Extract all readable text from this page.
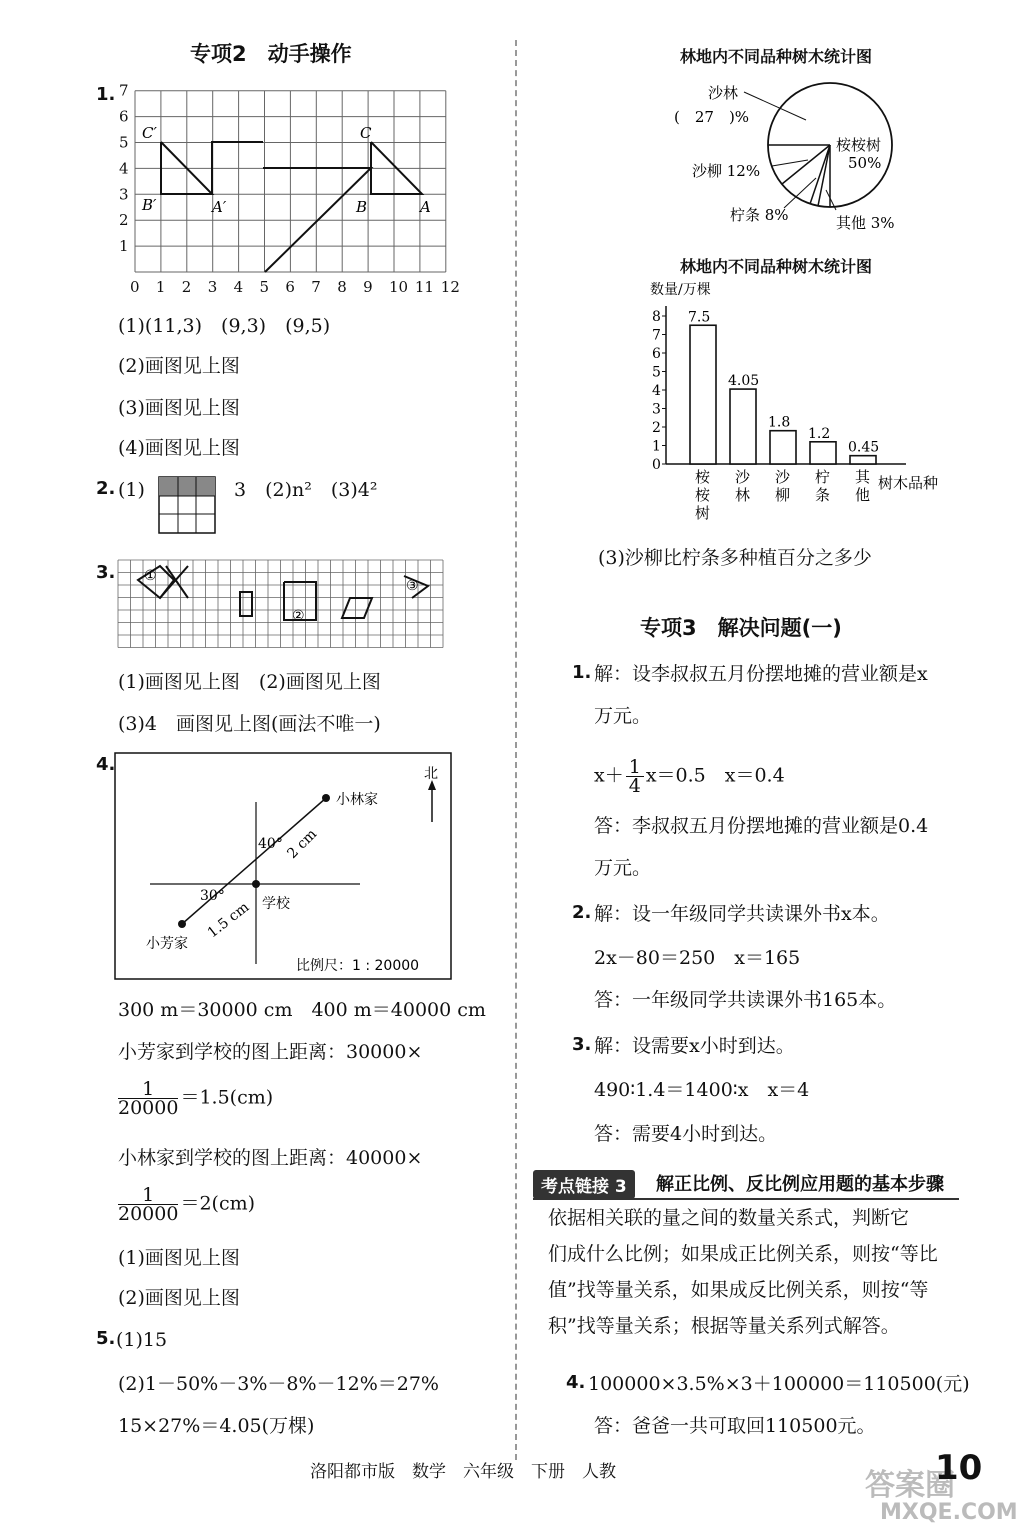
专项2　动手操作
1.
0 1 2 3 4 5 6 7 8 9 10 11 12
1
2
3
4
5
6
7
C′
B′	A′
C
B	A
(1)(11,3)　(9,3)　(9,5)
(2)画图见上图
(3)画图见上图
(4)画图见上图
2. (1)	3　(2)n²　(3)4²
3. ①
②
③
(1)画图见上图　(2)画图见上图
(3)4　画图见上图(画法不唯一)
4.	北
小林家
小芳家
学校
40°
30°
2 cm
1.5 cm
比例尺：1 : 20000
300 m＝30000 cm　400 m＝40000 cm
小芳家到学校的图上距离：30000×
$\frac{1}{20000} =1.5(cm)$
小林家到学校的图上距离：40000×
$\frac{1}{20000} =2(cm)$
(1)画图见上图
(2)画图见上图
5. (1)15
(2)1－50%－3%－8%－12%＝27%
15×27%＝4.05(万棵)
林地内不同品种树木统计图
沙林
(　27　)%
桉桉树
50%
沙柳 12%
柠条 8%	其他 3%
林地内不同品种树木统计图
数量/万棵
0
1
2
3
4
5
6
7
8 7.5
4.05
1.8
1.2
0.45
桉
桉
树
沙
林
沙
柳
柠
条
其
他
树木品种
(3)沙柳比柠条多种植百分之多少
专项3　解决问题(一)
1. 解：设李叔叔五月份摆地摊的营业额是x
万元。
$x+ \frac{1}{4} x=0.5$　x＝0.4
答：李叔叔五月份摆地摊的营业额是0.4
万元。
2. 解：设一年级同学共读课外书x本。
2x－80＝250　x＝165
答：一年级同学共读课外书165本。
3. 解：设需要x小时到达。
490∶1.4＝1400∶x　x＝4
答：需要4小时到达。
考点链接 3	解正比例、反比例应用题的基本步骤
依据相关联的量之间的数量关系式，判断它
们成什么比例；如果成正比例关系，则按“等比
值”找等量关系，如果成反比例关系，则按“等
积”找等量关系；根据等量关系列式解答。
4. 100000×3.5%×3＋100000＝110500(元)
答：爸爸一共可取回110500元。
洛阳都市版　数学　六年级　下册　人教	答案圈
MXQE.COM
10
